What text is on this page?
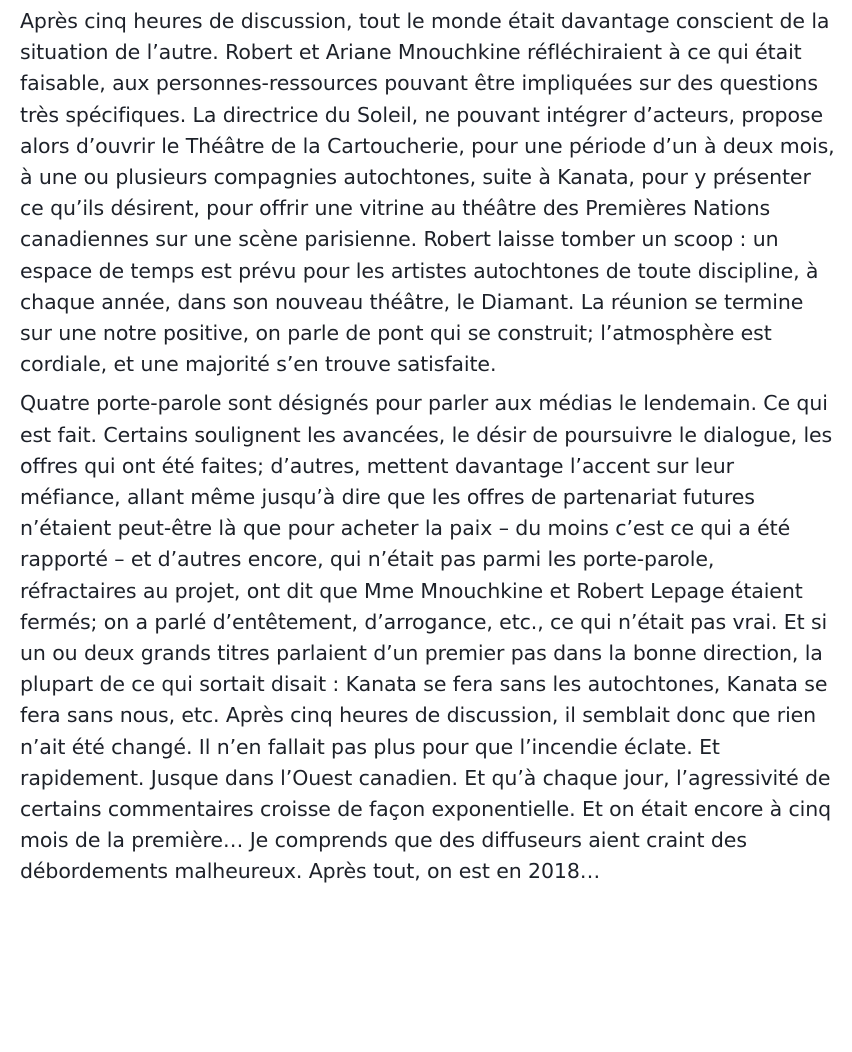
Après cinq heures de discussion, tout le monde était davantage conscient de la situation de l’autre. Robert et Ariane Mnouchkine réfléchiraient à ce qui était faisable, aux personnes-ressources pouvant être impliquées sur des questions très spécifiques. La directrice du Soleil, ne pouvant intégrer d’acteurs, propose alors d’ouvrir le Théâtre de la Cartoucherie, pour une période d’un à deux mois, à une ou plusieurs compagnies autochtones, suite à Kanata, pour y présenter ce qu’ils désirent, pour offrir une vitrine au théâtre des Premières Nations canadiennes sur une scène parisienne. Robert laisse tomber un scoop : un espace de temps est prévu pour les artistes autochtones de toute discipline, à chaque année, dans son nouveau théâtre, le Diamant. La réunion se termine sur une notre positive, on parle de pont qui se construit; l’atmosphère est cordiale, et une majorité s’en trouve satisfaite.

Quatre porte-parole sont désignés pour parler aux médias le lendemain. Ce qui est fait. Certains soulignent les avancées, le désir de poursuivre le dialogue, les offres qui ont été faites; d’autres, mettent davantage l’accent sur leur méfiance, allant même jusqu’à dire que les offres de partenariat futures n’étaient peut-être là que pour acheter la paix – du moins c’est ce qui a été rapporté – et d’autres encore, qui n’était pas parmi les porte-parole, réfractaires au projet, ont dit que Mme Mnouchkine et Robert Lepage étaient fermés; on a parlé d’entêtement, d’arrogance, etc., ce qui n’était pas vrai. Et si un ou deux grands titres parlaient d’un premier pas dans la bonne direction, la plupart de ce qui sortait disait : Kanata se fera sans les autochtones, Kanata se fera sans nous, etc. Après cinq heures de discussion, il semblait donc que rien n’ait été changé. Il n’en fallait pas plus pour que l’incendie éclate. Et rapidement. Jusque dans l’Ouest canadien. Et qu’à chaque jour, l’agressivité de certains commentaires croisse de façon exponentielle. Et on était encore à cinq mois de la première… Je comprends que des diffuseurs aient craint des débordements malheureux. Après tout, on est en 2018…
